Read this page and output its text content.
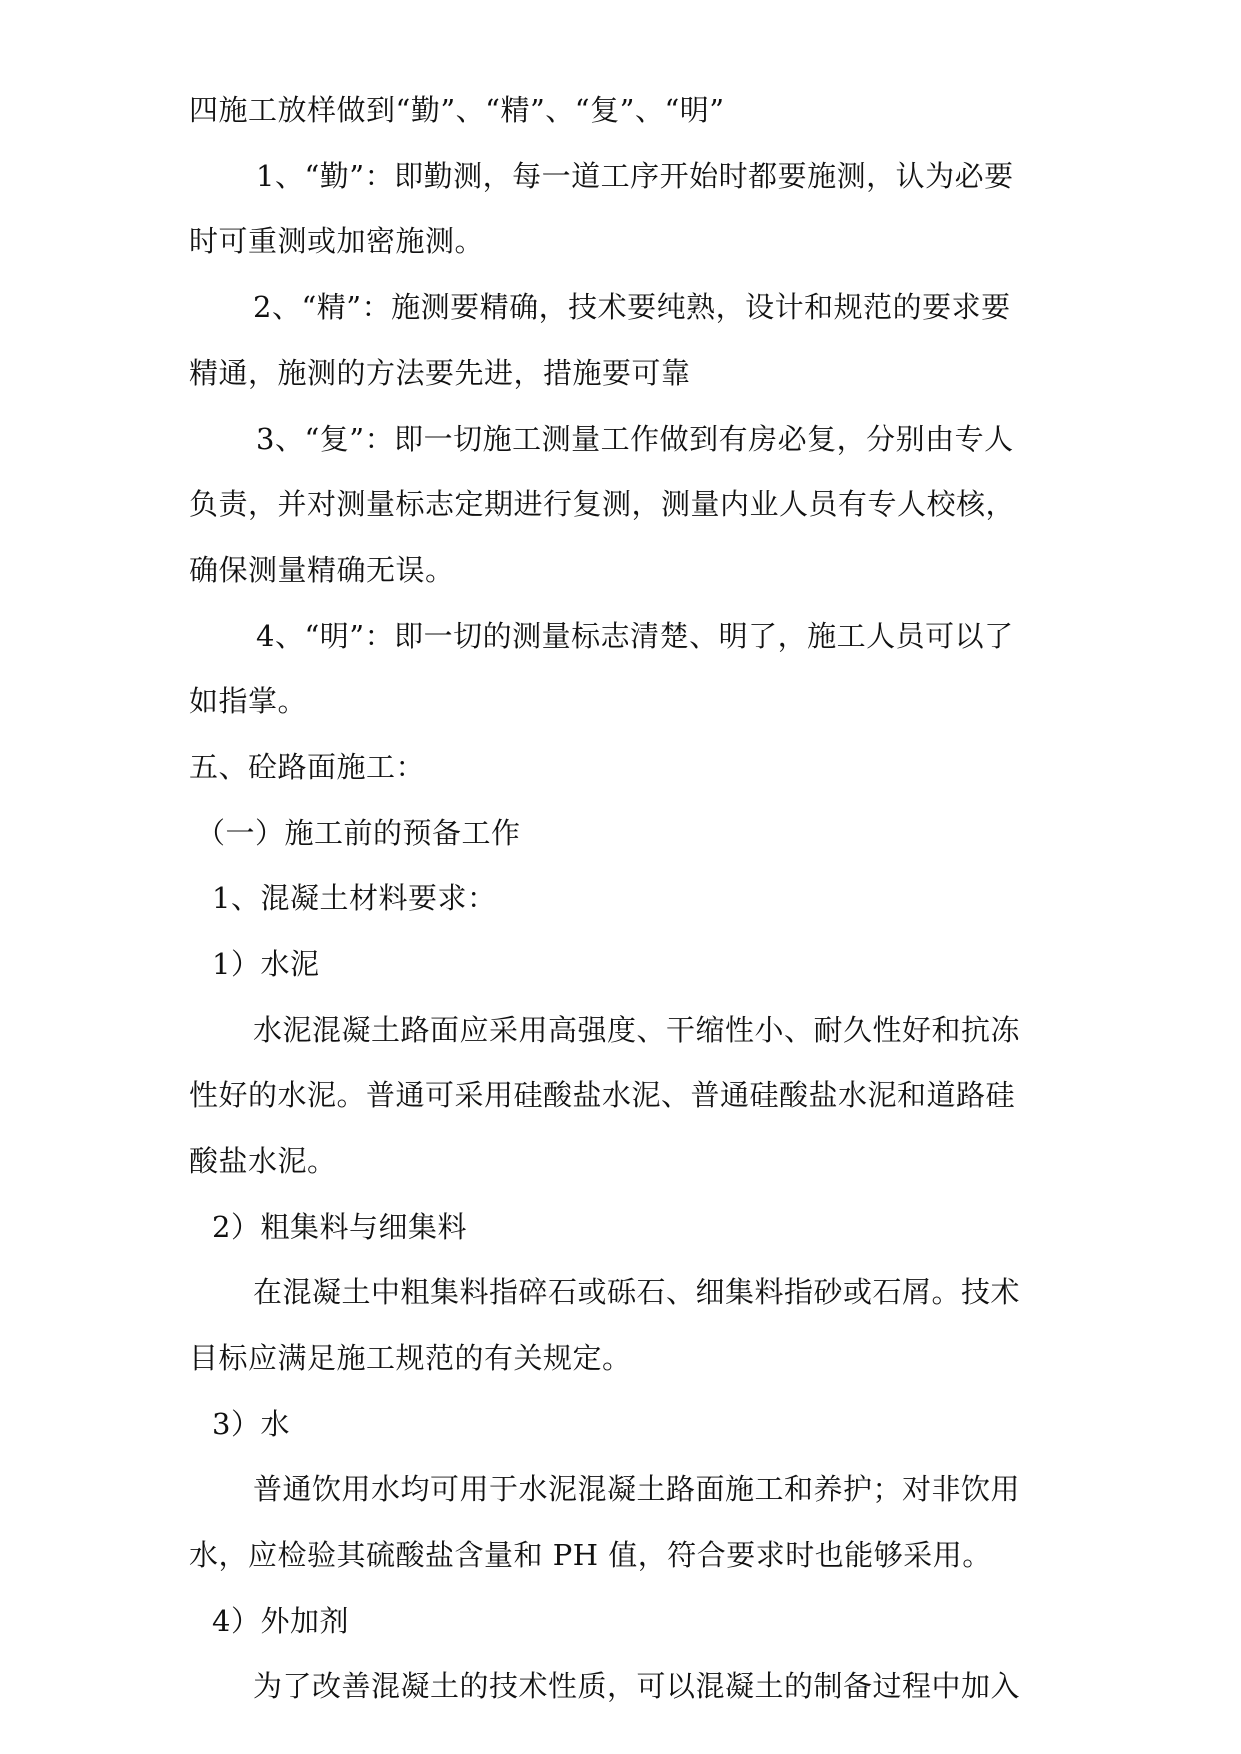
四施工放样做到“勤”、“精”、“复”、“明”
1、“勤”：即勤测，每一道工序开始时都要施测，认为必要
时可重测或加密施测。
2、“精”：施测要精确，技术要纯熟，设计和规范的要求要
精通，施测的方法要先进，措施要可靠
3、“复”：即一切施工测量工作做到有房必复，分别由专人
负责，并对测量标志定期进行复测，测量内业人员有专人校核，
确保测量精确无误。
4、“明”：即一切的测量标志清楚、明了，施工人员可以了
如指掌。
五、砼路面施工：
（一）施工前的预备工作
1、混凝土材料要求：
1）水泥
水泥混凝土路面应采用高强度、干缩性小、耐久性好和抗冻
性好的水泥。普通可采用硅酸盐水泥、普通硅酸盐水泥和道路硅
酸盐水泥。
2）粗集料与细集料
在混凝土中粗集料指碎石或砾石、细集料指砂或石屑。技术
目标应满足施工规范的有关规定。
3）水
普通饮用水均可用于水泥混凝土路面施工和养护；对非饮用
水，应检验其硫酸盐含量和 PH 值，符合要求时也能够采用。
4）外加剂
为了改善混凝土的技术性质，可以混凝土的制备过程中加入
